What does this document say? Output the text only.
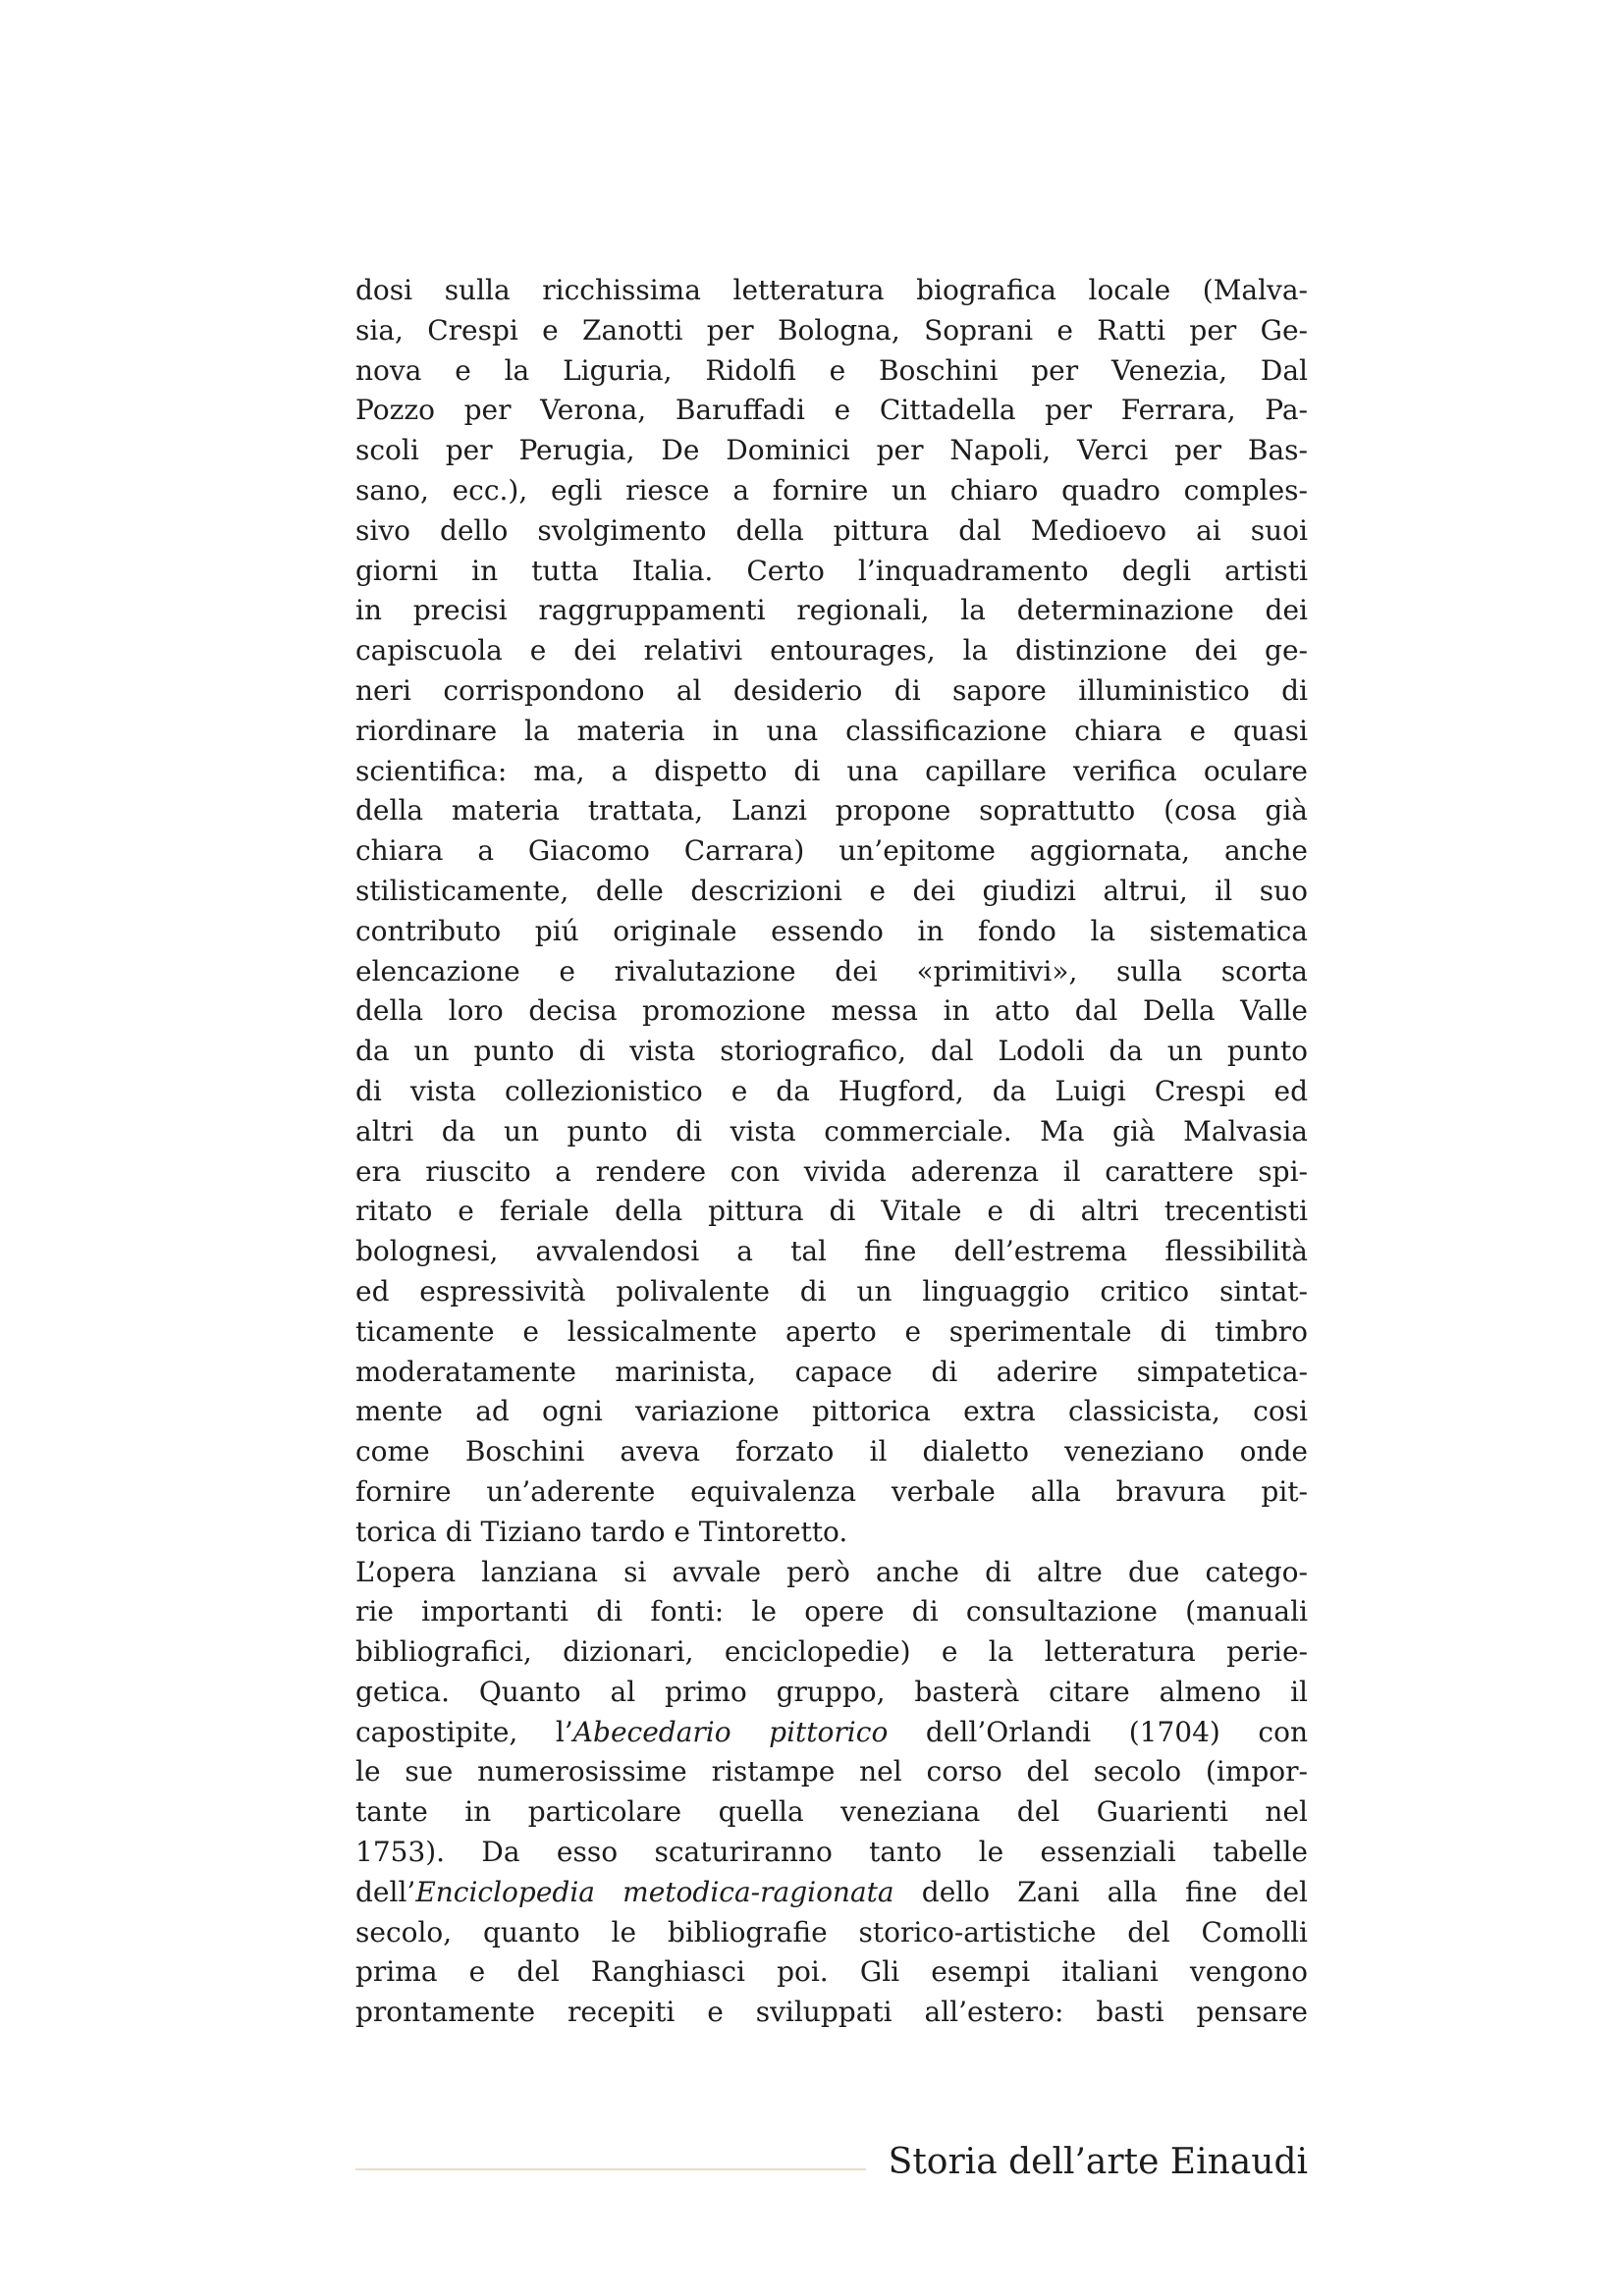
dosi sulla ricchissima letteratura biografica locale (Malva-
sia, Crespi e Zanotti per Bologna, Soprani e Ratti per Ge-
nova e la Liguria, Ridolfi e Boschini per Venezia, Dal
Pozzo per Verona, Baruffadi e Cittadella per Ferrara, Pa-
scoli per Perugia, De Dominici per Napoli, Verci per Bas-
sano, ecc.), egli riesce a fornire un chiaro quadro comples-
sivo dello svolgimento della pittura dal Medioevo ai suoi
giorni in tutta Italia. Certo l’inquadramento degli artisti
in precisi raggruppamenti regionali, la determinazione dei
capiscuola e dei relativi entourages, la distinzione dei ge-
neri corrispondono al desiderio di sapore illuministico di
riordinare la materia in una classificazione chiara e quasi
scientifica: ma, a dispetto di una capillare verifica oculare
della materia trattata, Lanzi propone soprattutto (cosa già
chiara a Giacomo Carrara) un’epitome aggiornata, anche
stilisticamente, delle descrizioni e dei giudizi altrui, il suo
contributo piú originale essendo in fondo la sistematica
elencazione e rivalutazione dei «primitivi», sulla scorta
della loro decisa promozione messa in atto dal Della Valle
da un punto di vista storiografico, dal Lodoli da un punto
di vista collezionistico e da Hugford, da Luigi Crespi ed
altri da un punto di vista commerciale. Ma già Malvasia
era riuscito a rendere con vivida aderenza il carattere spi-
ritato e feriale della pittura di Vitale e di altri trecentisti
bolognesi, avvalendosi a tal fine dell’estrema flessibilità
ed espressività polivalente di un linguaggio critico sintat-
ticamente e lessicalmente aperto e sperimentale di timbro
moderatamente marinista, capace di aderire simpatetica-
mente ad ogni variazione pittorica extra classicista, cosi
come Boschini aveva forzato il dialetto veneziano onde
fornire un’aderente equivalenza verbale alla bravura pit-
torica di Tiziano tardo e Tintoretto.
L’opera lanziana si avvale però anche di altre due catego-
rie importanti di fonti: le opere di consultazione (manuali
bibliografici, dizionari, enciclopedie) e la letteratura perie-
getica. Quanto al primo gruppo, basterà citare almeno il
capostipite, l’Abecedario pittorico dell’Orlandi (1704) con
le sue numerosissime ristampe nel corso del secolo (impor-
tante in particolare quella veneziana del Guarienti nel
1753). Da esso scaturiranno tanto le essenziali tabelle
dell’Enciclopedia metodica-ragionata dello Zani alla fine del
secolo, quanto le bibliografie storico-artistiche del Comolli
prima e del Ranghiasci poi. Gli esempi italiani vengono
prontamente recepiti e sviluppati all’estero: basti pensare
Storia dell’arte Einaudi
